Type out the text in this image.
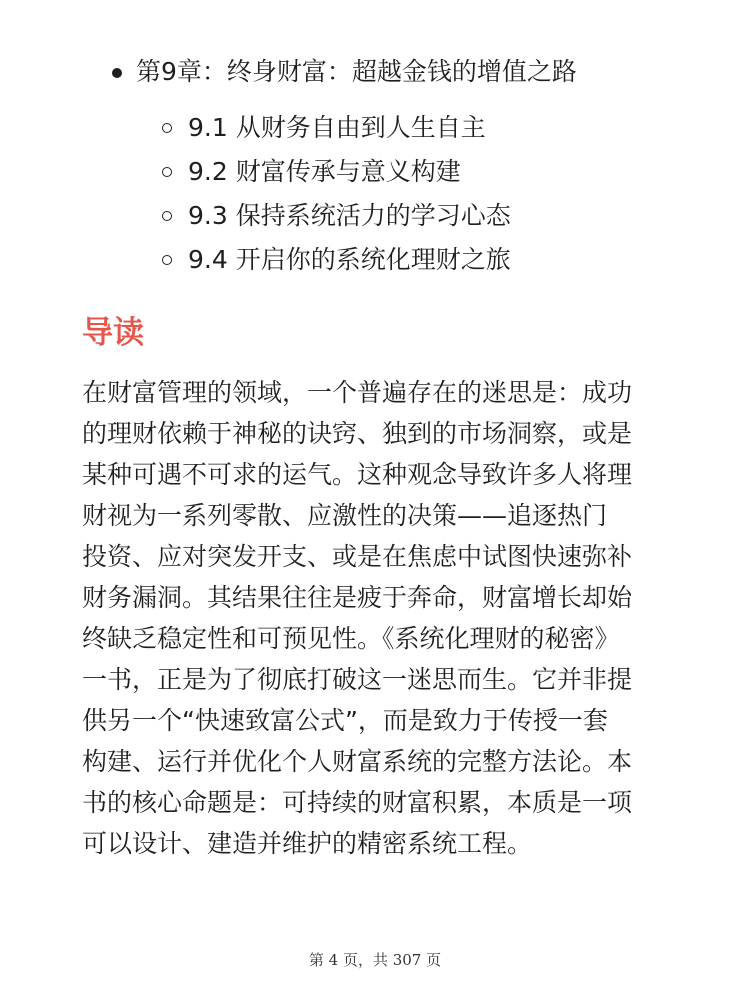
第9章：终身财富：超越金钱的增值之路
9.1 从财务自由到人生自主
9.2 财富传承与意义构建
9.3 保持系统活力的学习心态
9.4 开启你的系统化理财之旅
导读
在财富管理的领域，一个普遍存在的迷思是：成功
的理财依赖于神秘的诀窍、独到的市场洞察，或是
某种可遇不可求的运气。这种观念导致许多人将理
财视为一系列零散、应激性的决策——追逐热门
投资、应对突发开支、或是在焦虑中试图快速弥补
财务漏洞。其结果往往是疲于奔命，财富增长却始
终缺乏稳定性和可预见性。《系统化理财的秘密》
一书，正是为了彻底打破这一迷思而生。它并非提
供另一个“快速致富公式”，而是致力于传授一套
构建、运行并优化个人财富系统的完整方法论。本
书的核心命题是：可持续的财富积累，本质是一项
可以设计、建造并维护的精密系统工程。
第 4 页，共 307 页
